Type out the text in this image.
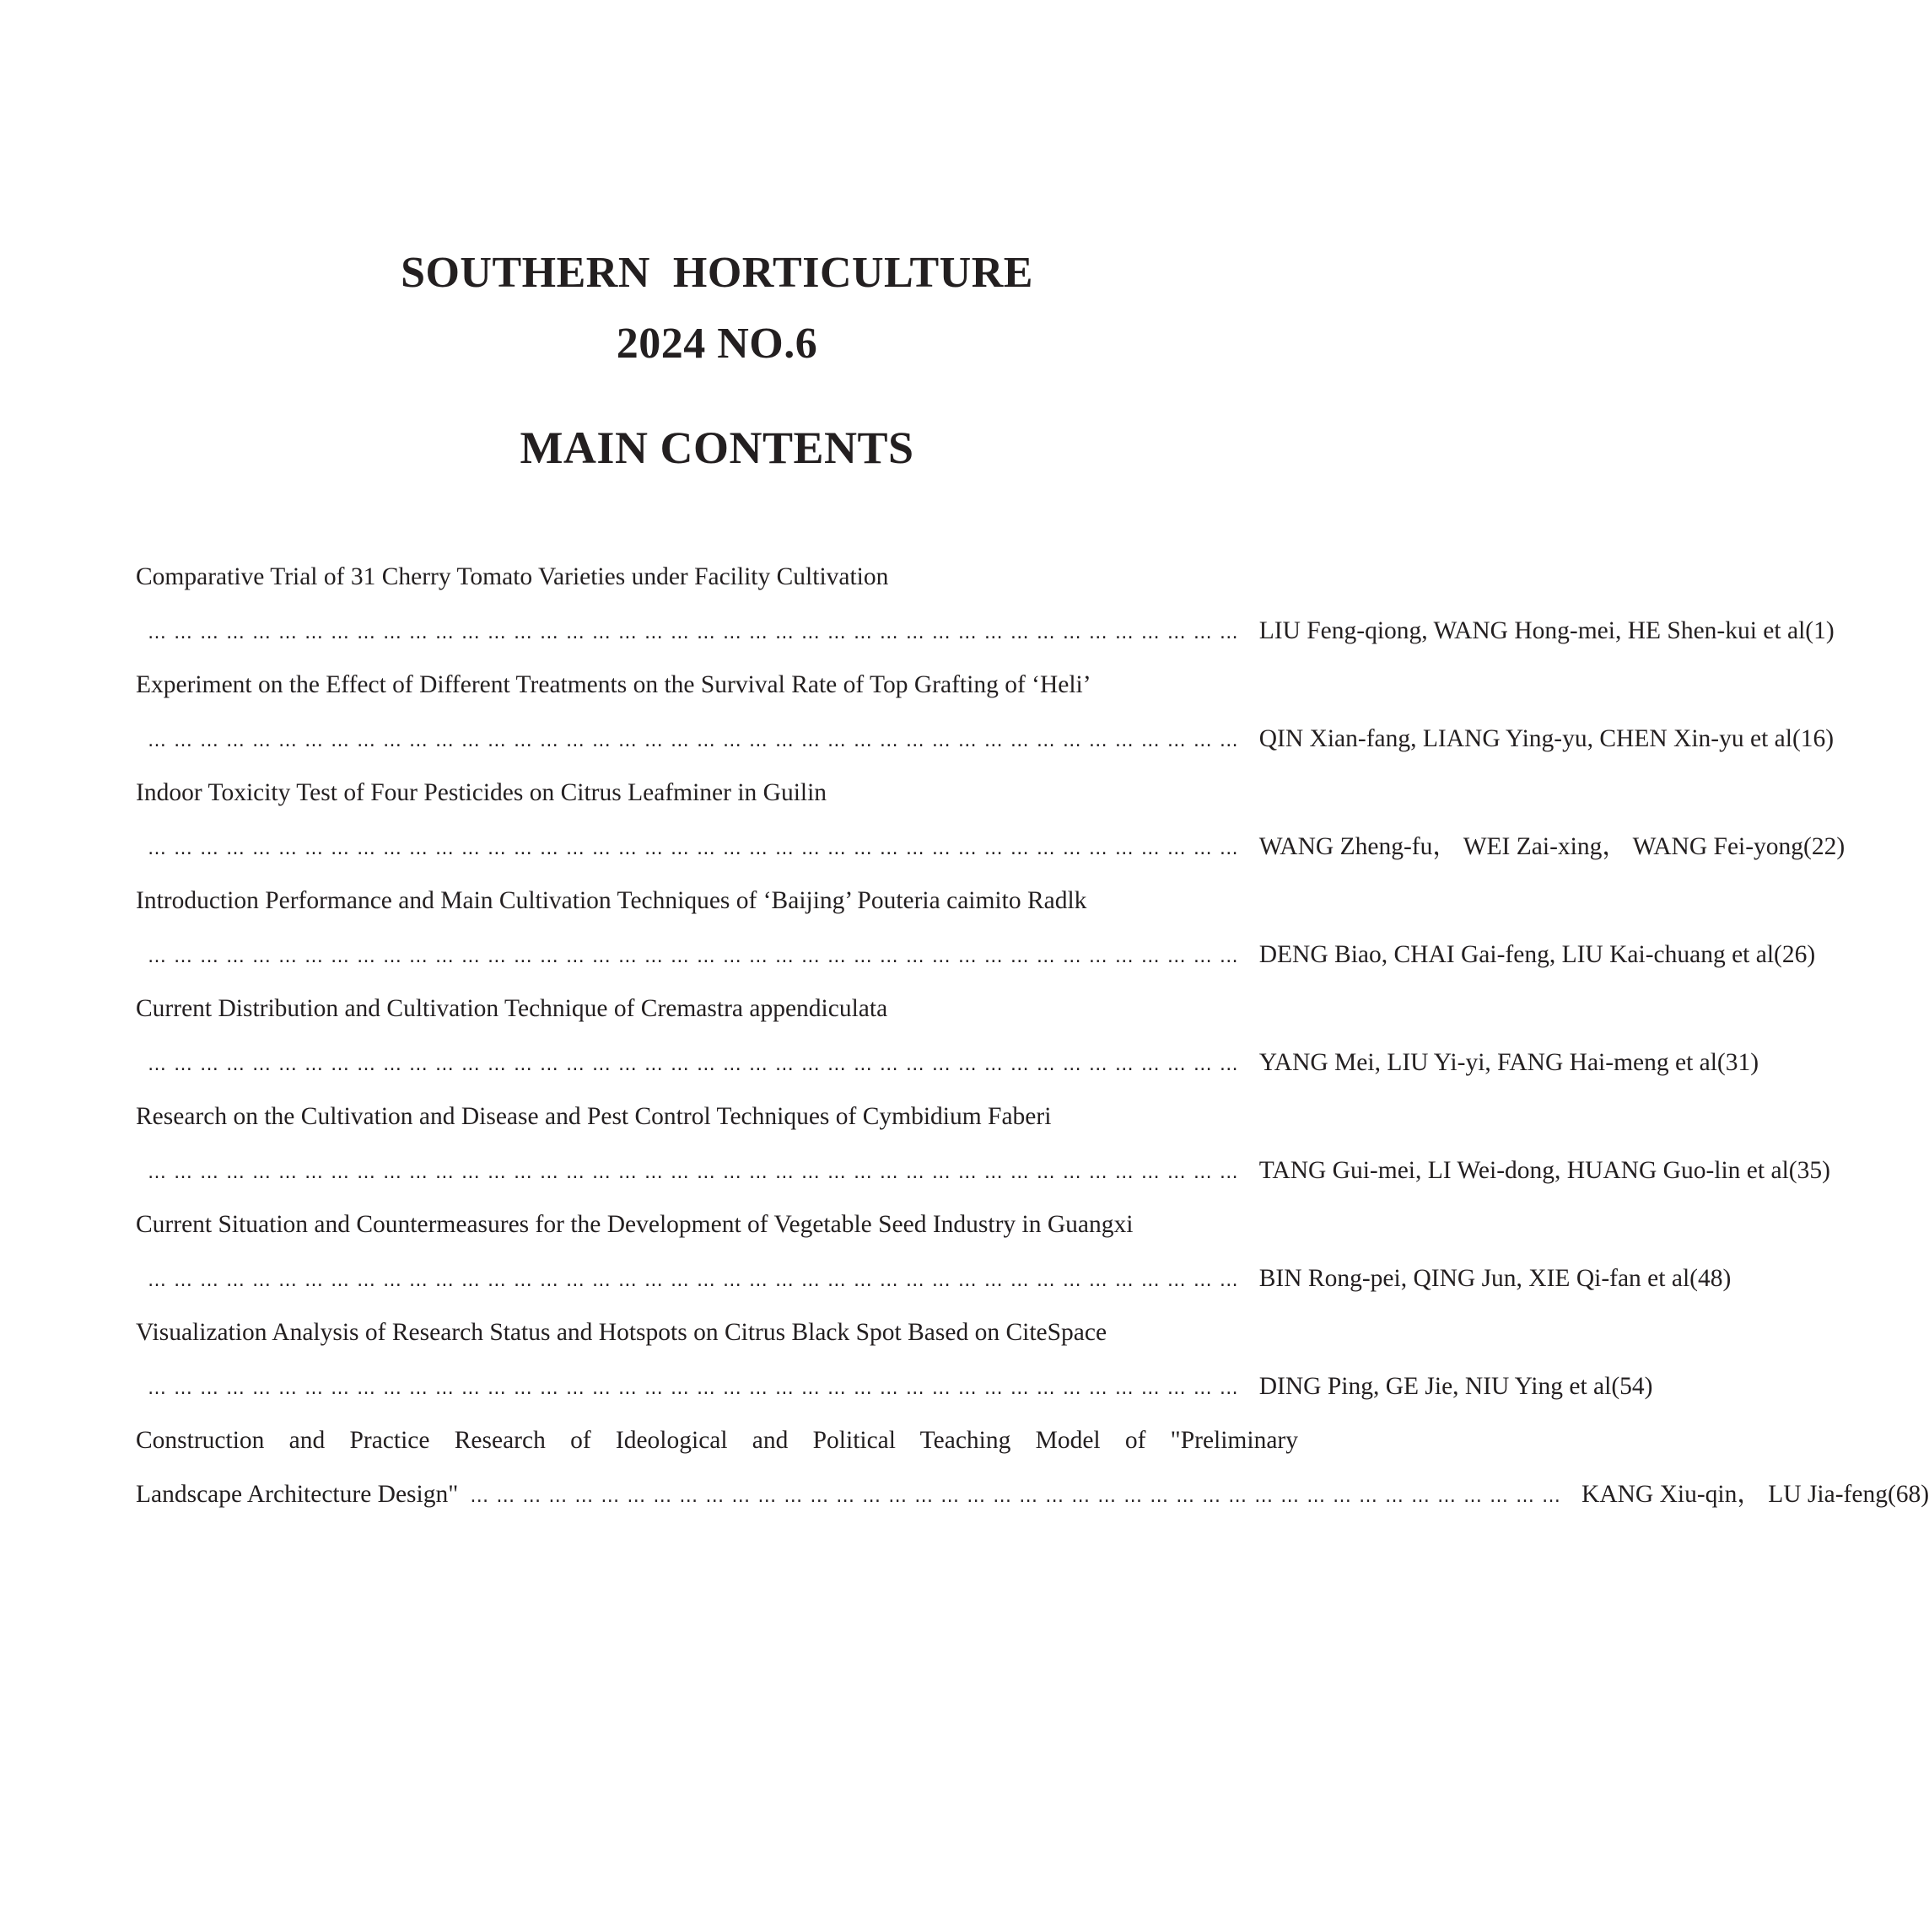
SOUTHERN  HORTICULTURE
2024 NO.6
MAIN CONTENTS
Comparative Trial of 31 Cherry Tomato Varieties under Facility Cultivation
… … … … … … … … … … … … … … … … … … … … … … … … … … … … … … … … … … … … … … … … … … LIU Feng-qiong, WANG Hong-mei, HE Shen-kui et al(1)
Experiment on the Effect of Different Treatments on the Survival Rate of Top Grafting of ‘Heli’
… … … … … … … … … … … … … … … … … … … … … … … … … … … … … … … … … … … … … … … … … … QIN Xian-fang, LIANG Ying-yu, CHEN Xin-yu et al(16)
Indoor Toxicity Test of Four Pesticides on Citrus Leafminer in Guilin
… … … … … … … … … … … … … … … … … … … … … … … … … … … … … … … … … … … … … … … … … … WANG Zheng-fu， WEI Zai-xing， WANG Fei-yong(22)
Introduction Performance and Main Cultivation Techniques of ‘Baijing’ Pouteria caimito Radlk
… … … … … … … … … … … … … … … … … … … … … … … … … … … … … … … … … … … … … … … … … … DENG Biao, CHAI Gai-feng, LIU Kai-chuang et al(26)
Current Distribution and Cultivation Technique of Cremastra appendiculata
… … … … … … … … … … … … … … … … … … … … … … … … … … … … … … … … … … … … … … … … … … YANG Mei, LIU Yi-yi, FANG Hai-meng et al(31)
Research on the Cultivation and Disease and Pest Control Techniques of Cymbidium Faberi
… … … … … … … … … … … … … … … … … … … … … … … … … … … … … … … … … … … … … … … … … … TANG Gui-mei, LI Wei-dong, HUANG Guo-lin et al(35)
Current Situation and Countermeasures for the Development of Vegetable Seed Industry in Guangxi
… … … … … … … … … … … … … … … … … … … … … … … … … … … … … … … … … … … … … … … … … … BIN Rong-pei, QING Jun, XIE Qi-fan et al(48)
Visualization Analysis of Research Status and Hotspots on Citrus Black Spot Based on CiteSpace
… … … … … … … … … … … … … … … … … … … … … … … … … … … … … … … … … … … … … … … … … … DING Ping, GE Jie, NIU Ying et al(54)
Construction and Practice Research of Ideological and Political Teaching Model of "Preliminary
Landscape Architecture Design" … … … … … … … … … … … … … … … … … … … … … … … … … … … … … … … … … … … … … … … … … … KANG Xiu-qin， LU Jia-feng(68)
